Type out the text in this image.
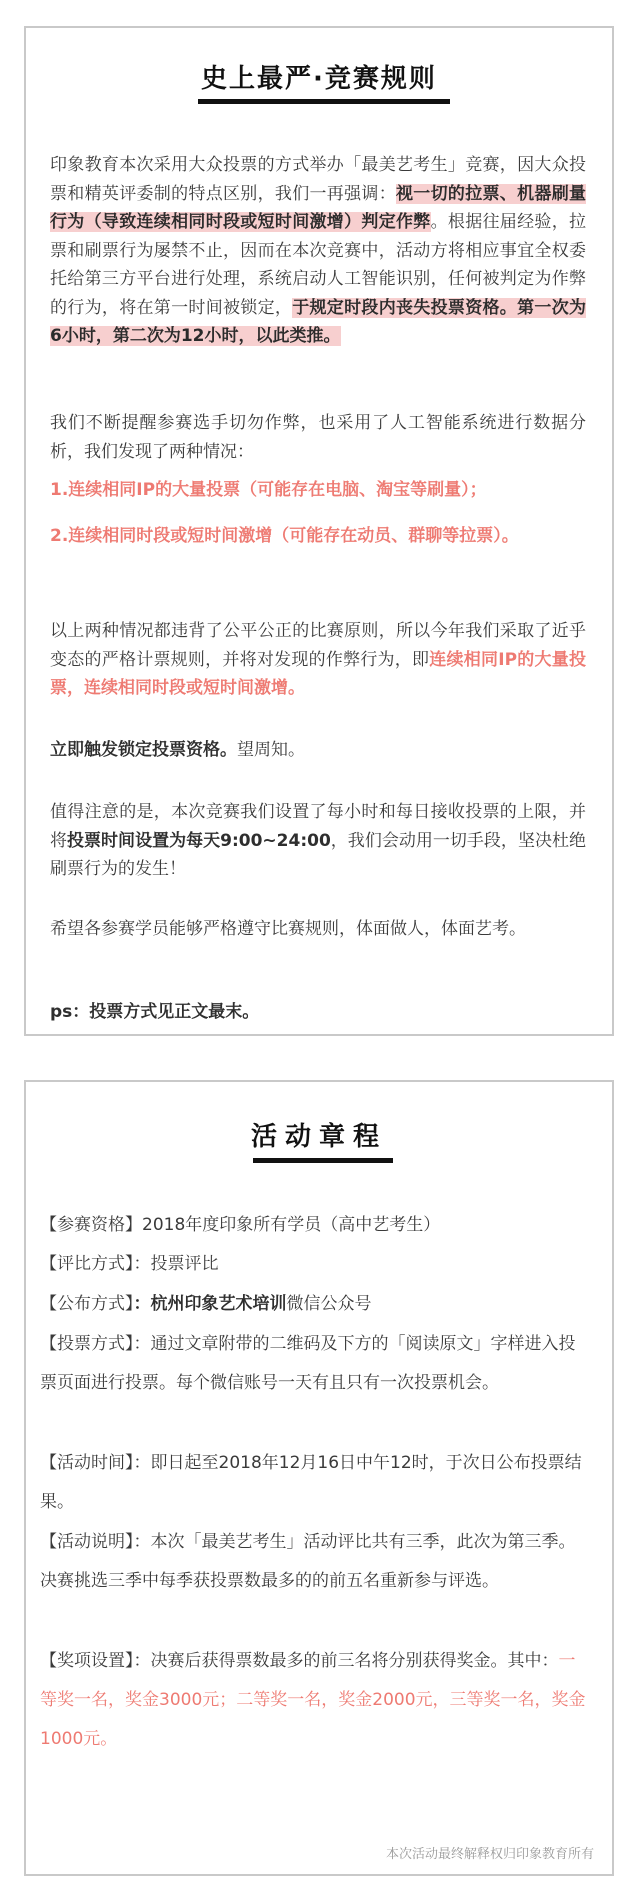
史上最严·竞赛规则

印象教育本次采用大众投票的方式举办「最美艺考生」竞赛，因大众投票和精英评委制的特点区别，我们一再强调：视一切的拉票、机器刷量行为（导致连续相同时段或短时间激增）判定作弊。根据往届经验，拉票和刷票行为屡禁不止，因而在本次竞赛中，活动方将相应事宜全权委托给第三方平台进行处理，系统启动人工智能识别，任何被判定为作弊的行为，将在第一时间被锁定，于规定时段内丧失投票资格。第一次为6小时，第二次为12小时，以此类推。

我们不断提醒参赛选手切勿作弊，也采用了人工智能系统进行数据分析，我们发现了两种情况：

1.连续相同IP的大量投票（可能存在电脑、淘宝等刷量）；

2.连续相同时段或短时间激增（可能存在动员、群聊等拉票）。

以上两种情况都违背了公平公正的比赛原则，所以今年我们采取了近乎变态的严格计票规则，并将对发现的作弊行为，即连续相同IP的大量投票，连续相同时段或短时间激增。

立即触发锁定投票资格。望周知。

值得注意的是，本次竞赛我们设置了每小时和每日接收投票的上限，并将投票时间设置为每天9:00~24:00，我们会动用一切手段，坚决杜绝刷票行为的发生！

希望各参赛学员能够严格遵守比赛规则，体面做人，体面艺考。

ps：投票方式见正文最末。

活动章程
【参赛资格】2018年度印象所有学员（高中艺考生）
【评比方式】：投票评比
【公布方式】：杭州印象艺术培训微信公众号
【投票方式】：通过文章附带的二维码及下方的「阅读原文」字样进入投票页面进行投票。每个微信账号一天有且只有一次投票机会。
【活动时间】：即日起至2018年12月16日中午12时，于次日公布投票结果。
【活动说明】：本次「最美艺考生」活动评比共有三季，此次为第三季。决赛挑选三季中每季获投票数最多的的前五名重新参与评选。
【奖项设置】：决赛后获得票数最多的前三名将分别获得奖金。其中：一等奖一名，奖金3000元；二等奖一名，奖金2000元，三等奖一名，奖金1000元。
本次活动最终解释权归印象教育所有
